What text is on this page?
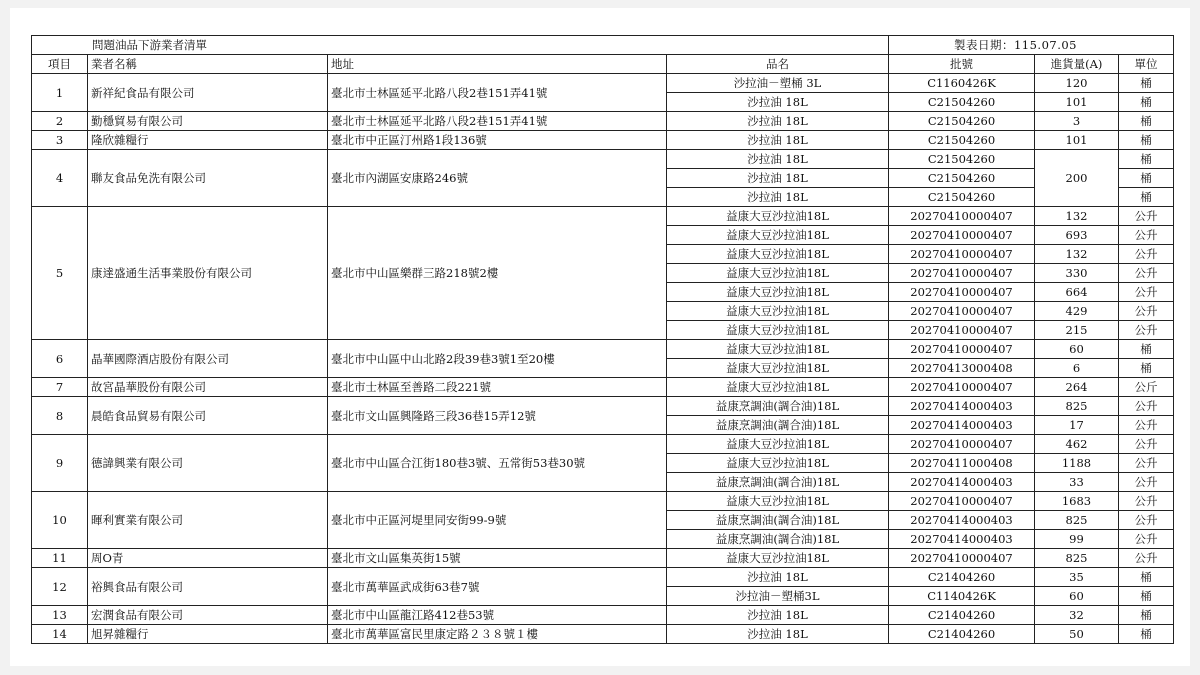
問題油品下游業者清單				製表日期：115.07.05		
項目	業者名稱	地址	品名	批號	進貨量(A)	單位
1	新祥紀食品有限公司	臺北市士林區延平北路八段2巷151弄41號	沙拉油－塑桶 3L	C1160426K	120	桶
			沙拉油 18L	C21504260	101	桶
2	勤穩貿易有限公司	臺北市士林區延平北路八段2巷151弄41號	沙拉油 18L	C21504260	3	桶
3	隆欣雜糧行	臺北市中正區汀州路1段136號	沙拉油 18L	C21504260	101	桶
4	聯友食品免洗有限公司	臺北市內湖區安康路246號	沙拉油 18L	C21504260	200	桶
			沙拉油 18L	C21504260		桶
			沙拉油 18L	C21504260		桶
5	康達盛通生活事業股份有限公司	臺北市中山區樂群三路218號2樓	益康大豆沙拉油18L	20270410000407	132	公升
			益康大豆沙拉油18L	20270410000407	693	公升
			益康大豆沙拉油18L	20270410000407	132	公升
			益康大豆沙拉油18L	20270410000407	330	公升
			益康大豆沙拉油18L	20270410000407	664	公升
			益康大豆沙拉油18L	20270410000407	429	公升
			益康大豆沙拉油18L	20270410000407	215	公升
6	晶華國際酒店股份有限公司	臺北市中山區中山北路2段39巷3號1至20樓	益康大豆沙拉油18L	20270410000407	60	桶
			益康大豆沙拉油18L	20270413000408	6	桶
7	故宮晶華股份有限公司	臺北市士林區至善路二段221號	益康大豆沙拉油18L	20270410000407	264	公斤
8	晨皓食品貿易有限公司	臺北市文山區興隆路三段36巷15弄12號	益康烹調油(調合油)18L	20270414000403	825	公升
			益康烹調油(調合油)18L	20270414000403	17	公升
9	德諱興業有限公司	臺北市中山區合江街180巷3號、五常街53巷30號	益康大豆沙拉油18L	20270410000407	462	公升
			益康大豆沙拉油18L	20270411000408	1188	公升
			益康烹調油(調合油)18L	20270414000403	33	公升
10	暉利實業有限公司	臺北市中正區河堤里同安街99-9號	益康大豆沙拉油18L	20270410000407	1683	公升
			益康烹調油(調合油)18L	20270414000403	825	公升
			益康烹調油(調合油)18L	20270414000403	99	公升
11	周O青	臺北市文山區集英街15號	益康大豆沙拉油18L	20270410000407	825	公升
12	裕興食品有限公司	臺北市萬華區武成街63巷7號	沙拉油 18L	C21404260	35	桶
			沙拉油－塑桶3L	C1140426K	60	桶
13	宏潤食品有限公司	臺北市中山區龍江路412巷53號	沙拉油 18L	C21404260	32	桶
14	旭昇雜糧行	臺北市萬華區富民里康定路２３８號１樓	沙拉油 18L	C21404260	50	桶
